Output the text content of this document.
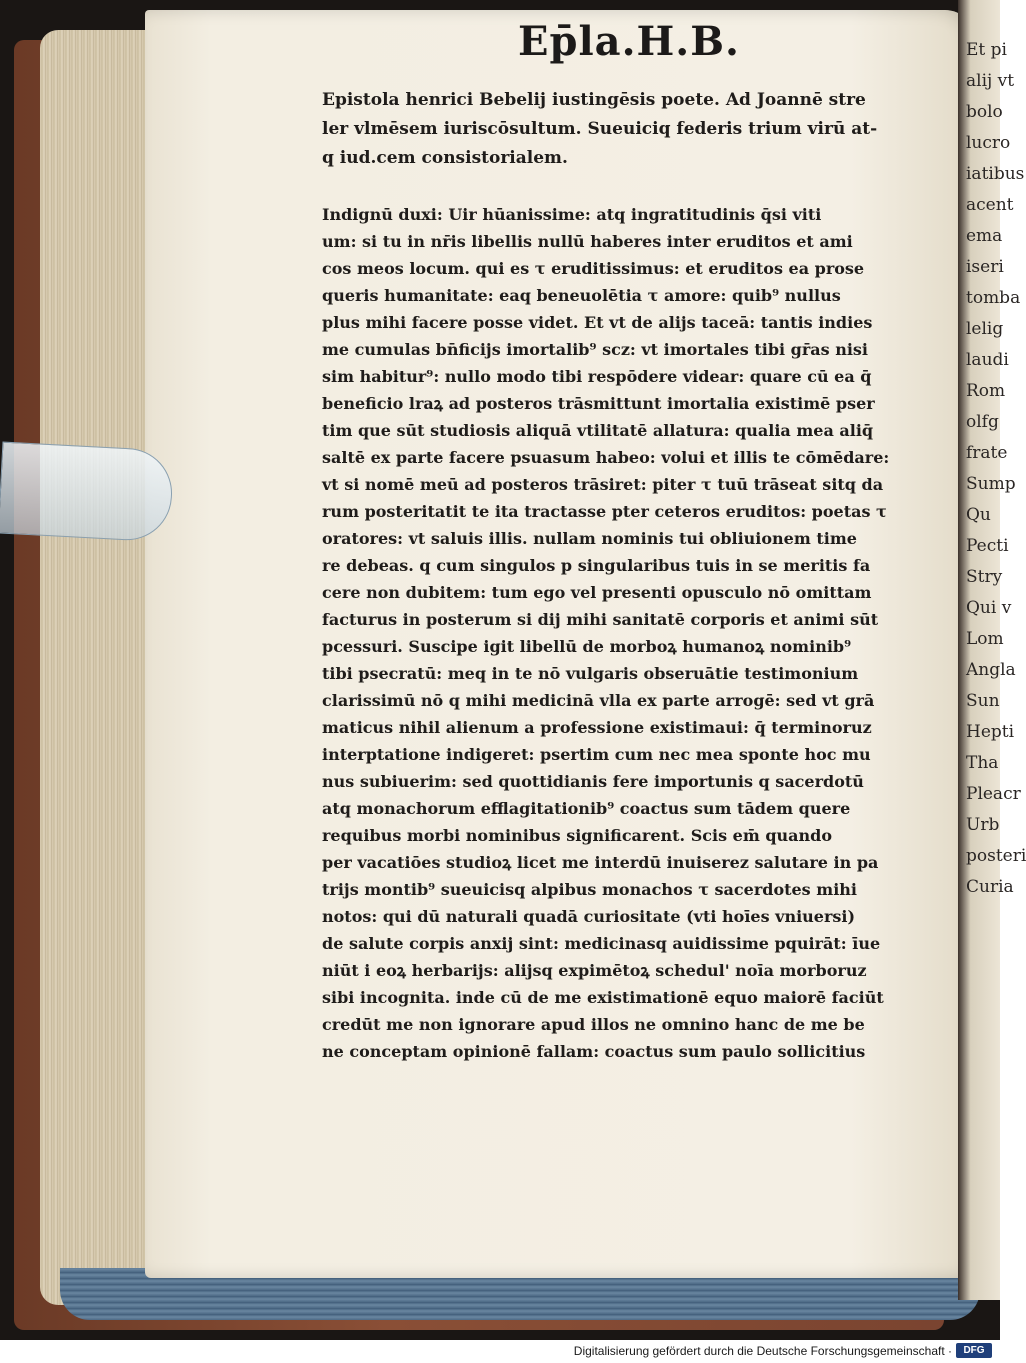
Et pi
alij vt
bolo
lucro
iatibus
acent
ema
iseri
tomba
lelig
laudi
Rom
olfg
frate
Sump
Qu
Pecti
Stry
Qui v
Lom
Angla
Sun
Hepti
Tha
Pleacr
Urb
posteri
Curia
Ep̄la.H.B.

Epistola henrici Bebelij iustingēsis poete. Ad Joannē stre

ler vlmēsem iuriscōsultum. Sueuiciq federis trium virū at-

q iud.cem consistorialem.

Indignū duxi: Uir hūanissime: atq ingratitudinis q̄si viti

um: si tu in nr̄is libellis nullū haberes inter eruditos et ami

cos meos locum. qui es τ eruditissimus: et eruditos ea prose

queris humanitate: eaq beneuolētia τ amore: quib⁹ nullus

plus mihi facere posse videt. Et vt de alijs taceā: tantis indies

me cumulas bn̄ficijs imortalib⁹ scz: vt imortales tibi gr̄as nisi

sim habitur⁹: nullo modo tibi respōdere videar: quare cū ea q̄

beneficio lraꝝ ad posteros trāsmittunt imortalia existimē pser

tim que sūt studiosis aliquā vtilitatē allatura: qualia mea aliq̄

saltē ex parte facere psuasum habeo: volui et illis te cōmēdare:

vt si nomē meū ad posteros trāsiret: piter τ tuū trāseat sitq da

rum posteritatit te ita tractasse pter ceteros eruditos: poetas τ

oratores: vt saluis illis. nullam nominis tui obliuionem time

re debeas. q cum singulos p singularibus tuis in se meritis fa

cere non dubitem: tum ego vel presenti opusculo nō omittam

facturus in posterum si dij mihi sanitatē corporis et animi sūt

pcessuri. Suscipe igit libellū de morboꝝ humanoꝝ nominib⁹

tibi psecratū: meq in te nō vulgaris obseruātie testimonium

clarissimū nō q mihi medicinā vlla ex parte arrogē: sed vt grā

maticus nihil alienum a professione existimaui: q̄ terminoruz

interptatione indigeret: psertim cum nec mea sponte hoc mu

nus subiuerim: sed quottidianis fere importunis q sacerdotū

atq monachorum efflagitationib⁹ coactus sum tādem quere

requibus morbi nominibus significarent. Scis em̄ quando

per vacatiōes studioꝝ licet me interdū inuiserez salutare in pa

trijs montib⁹ sueuicisq alpibus monachos τ sacerdotes mihi

notos: qui dū naturali quadā curiositate (vti hoīes vniuersi)

de salute corpis anxij sint: medicinasq auidissime pquirāt: īue

niūt i eoꝝ herbarijs: alijsq expimētoꝝ schedul' noīa morboruz

sibi incognita. inde cū de me existimationē equo maiorē faciūt

credūt me non ignorare apud illos ne omnino hanc de me be

ne conceptam opinionē fallam: coactus sum paulo sollicitius

Digitalisierung gefördert durch die Deutsche Forschungsgemeinschaft ·	DFG
